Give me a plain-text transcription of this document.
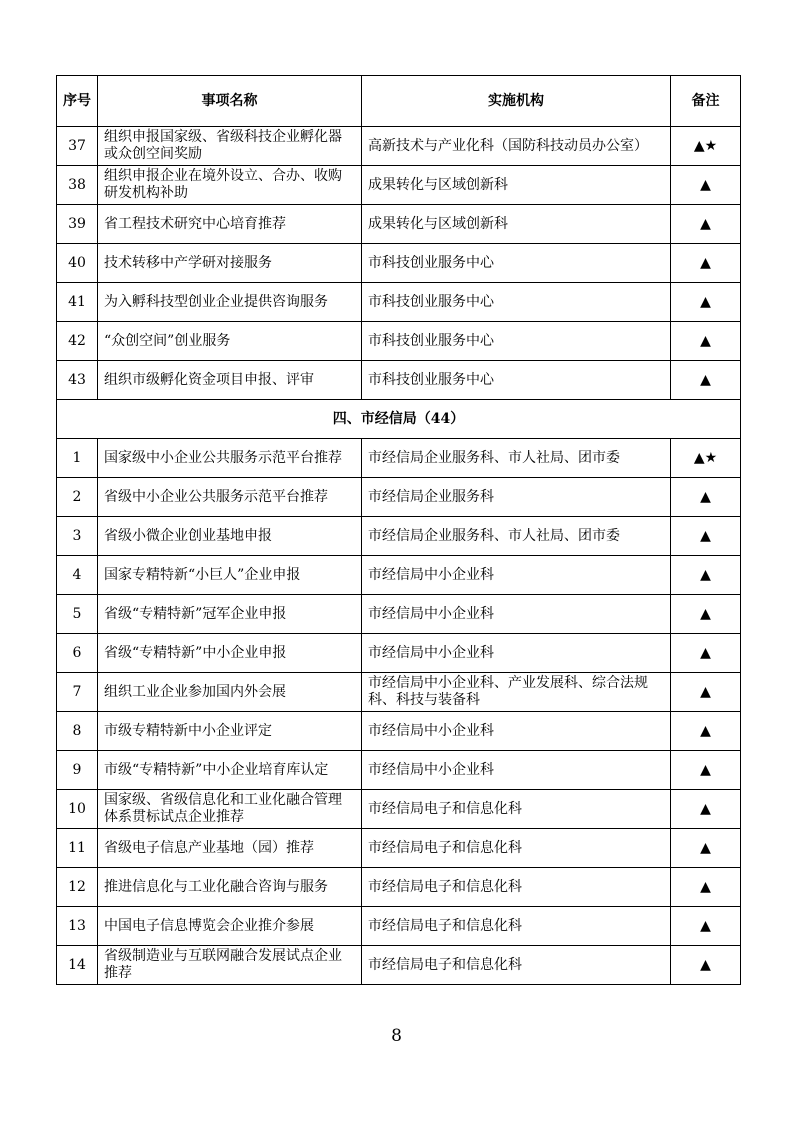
序号	事项名称	实施机构	备注
37	组织申报国家级、省级科技企业孵化器或众创空间奖励	高新技术与产业化科（国防科技动员办公室）	▲★
38	组织申报企业在境外设立、合办、收购研发机构补助	成果转化与区域创新科	▲
39	省工程技术研究中心培育推荐	成果转化与区域创新科	▲
40	技术转移中产学研对接服务	市科技创业服务中心	▲
41	为入孵科技型创业企业提供咨询服务	市科技创业服务中心	▲
42	“众创空间”创业服务	市科技创业服务中心	▲
43	组织市级孵化资金项目申报、评审	市科技创业服务中心	▲
四、市经信局（44）			
1	国家级中小企业公共服务示范平台推荐	市经信局企业服务科、市人社局、团市委	▲★
2	省级中小企业公共服务示范平台推荐	市经信局企业服务科	▲
3	省级小微企业创业基地申报	市经信局企业服务科、市人社局、团市委	▲
4	国家专精特新“小巨人”企业申报	市经信局中小企业科	▲
5	省级“专精特新”冠军企业申报	市经信局中小企业科	▲
6	省级“专精特新”中小企业申报	市经信局中小企业科	▲
7	组织工业企业参加国内外会展	市经信局中小企业科、产业发展科、综合法规科、科技与装备科	▲
8	市级专精特新中小企业评定	市经信局中小企业科	▲
9	市级“专精特新”中小企业培育库认定	市经信局中小企业科	▲
10	国家级、省级信息化和工业化融合管理体系贯标试点企业推荐	市经信局电子和信息化科	▲
11	省级电子信息产业基地（园）推荐	市经信局电子和信息化科	▲
12	推进信息化与工业化融合咨询与服务	市经信局电子和信息化科	▲
13	中国电子信息博览会企业推介参展	市经信局电子和信息化科	▲
14	省级制造业与互联网融合发展试点企业推荐	市经信局电子和信息化科	▲
8
